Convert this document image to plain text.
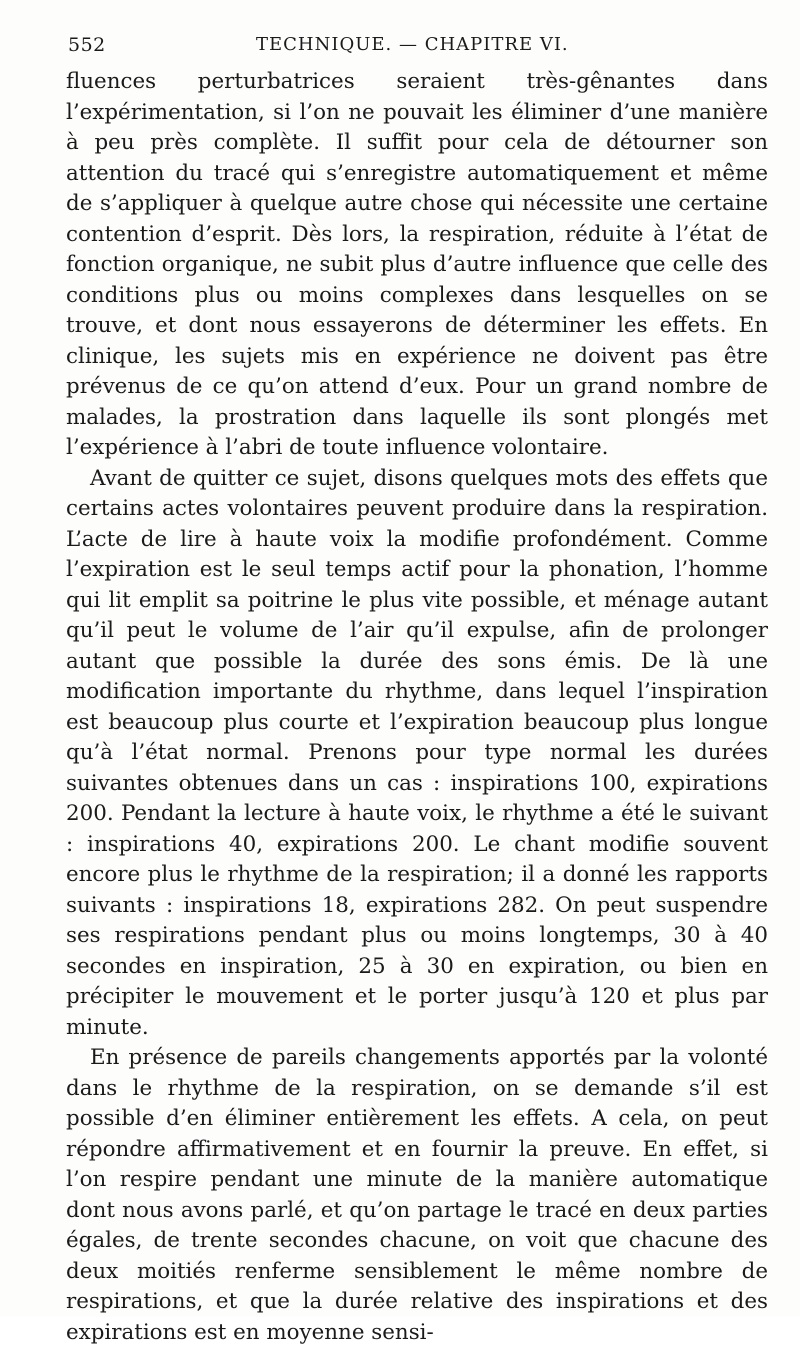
552	TECHNIQUE. — CHAPITRE VI.

fluences perturbatrices seraient très-gênantes dans l’expérimentation, si l’on ne pouvait les éliminer d’une manière à peu près complète. Il suffit pour cela de détourner son attention du tracé qui s’enregistre automatiquement et même de s’appliquer à quelque autre chose qui nécessite une certaine contention d’esprit. Dès lors, la respiration, réduite à l’état de fonction organique, ne subit plus d’autre influence que celle des conditions plus ou moins complexes dans lesquelles on se trouve, et dont nous essayerons de déterminer les effets. En clinique, les sujets mis en expérience ne doivent pas être prévenus de ce qu’on attend d’eux. Pour un grand nombre de malades, la prostration dans laquelle ils sont plongés met l’expérience à l’abri de toute influence volontaire.

Avant de quitter ce sujet, disons quelques mots des effets que certains actes volontaires peuvent produire dans la respiration. L’acte de lire à haute voix la modifie profondément. Comme l’expiration est le seul temps actif pour la phonation, l’homme qui lit emplit sa poitrine le plus vite possible, et ménage autant qu’il peut le volume de l’air qu’il expulse, afin de prolonger autant que possible la durée des sons émis. De là une modification importante du rhythme, dans lequel l’inspiration est beaucoup plus courte et l’expiration beaucoup plus longue qu’à l’état normal. Prenons pour type normal les durées suivantes obtenues dans un cas : inspirations 100, expirations 200. Pendant la lecture à haute voix, le rhythme a été le suivant : inspirations 40, expirations 200. Le chant modifie souvent encore plus le rhythme de la respiration; il a donné les rapports suivants : inspirations 18, expirations 282. On peut suspendre ses respirations pendant plus ou moins longtemps, 30 à 40 secondes en inspiration, 25 à 30 en expiration, ou bien en précipiter le mouvement et le porter jusqu’à 120 et plus par minute.

En présence de pareils changements apportés par la volonté dans le rhythme de la respiration, on se demande s’il est possible d’en éliminer entièrement les effets. A cela, on peut répondre affirmativement et en fournir la preuve. En effet, si l’on respire pendant une minute de la manière automatique dont nous avons parlé, et qu’on partage le tracé en deux parties égales, de trente secondes chacune, on voit que chacune des deux moitiés renferme sensiblement le même nombre de respirations, et que la durée relative des inspirations et des expirations est en moyenne sensi-
